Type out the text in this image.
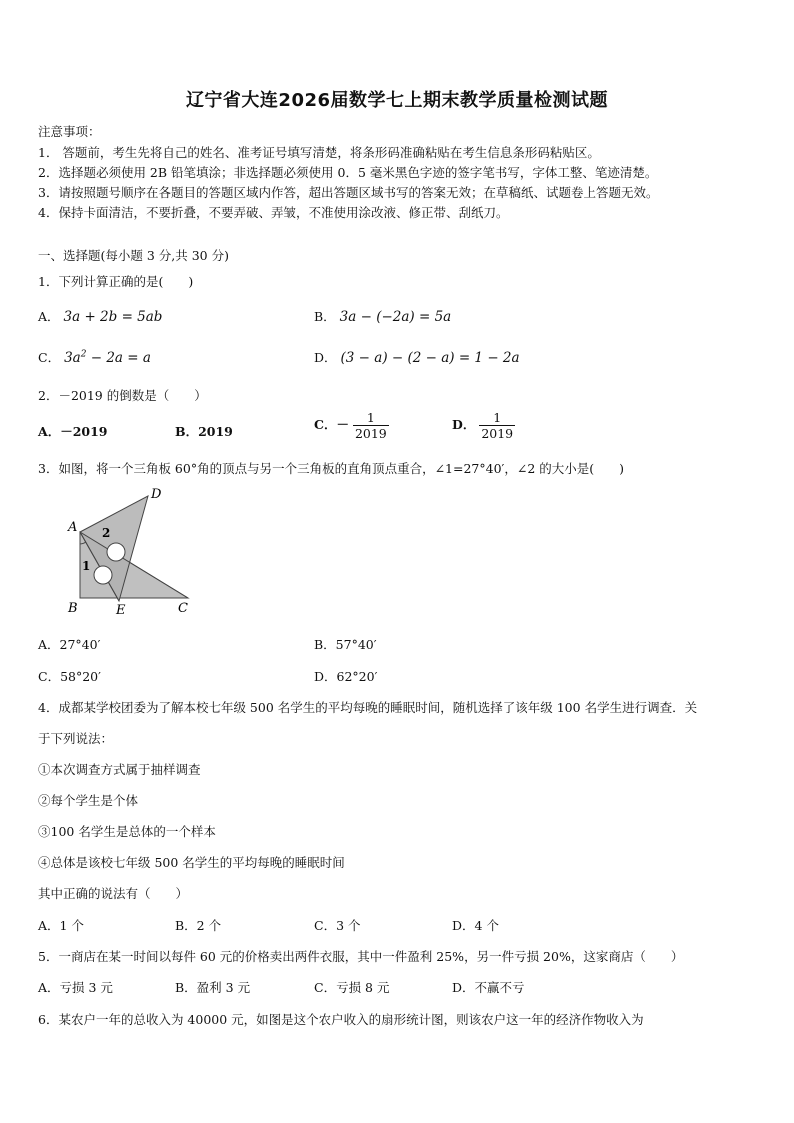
辽宁省大连2026届数学七上期末教学质量检测试题
注意事项：
1． 答题前，考生先将自己的姓名、准考证号填写清楚，将条形码准确粘贴在考生信息条形码粘贴区。
2．选择题必须使用 2B 铅笔填涂；非选择题必须使用 0．5 毫米黑色字迹的签字笔书写，字体工整、笔迹清楚。
3．请按照题号顺序在各题目的答题区域内作答，超出答题区域书写的答案无效；在草稿纸、试题卷上答题无效。
4．保持卡面清洁，不要折叠，不要弄破、弄皱，不准使用涂改液、修正带、刮纸刀。
一、选择题(每小题 3 分,共 30 分)
1．下列计算正确的是(　　)
A． 3a + 2b = 5ab	B． 3a − (−2a) = 5a
C． $3a^2 - 2a = a$	D． (3 − a) − (2 − a) = 1 − 2a
2．－2019 的倒数是（　　）
A．－2019	B．2019	C．－ $\frac{1}{2019}$	D． $\frac{1}{2019}$
3．如图，将一个三角板 60°角的顶点与另一个三角板的直角顶点重合，∠1=27°40′，∠2 的大小是(　　)
A
D
B	E	C
2
1
A．27°40′	B．57°40′
C．58°20′	D．62°20′
4．成都某学校团委为了解本校七年级 500 名学生的平均每晚的睡眠时间，随机选择了该年级 100 名学生进行调查．关
于下列说法：
①本次调查方式属于抽样调查
②每个学生是个体
③100 名学生是总体的一个样本
④总体是该校七年级 500 名学生的平均每晚的睡眠时间
其中正确的说法有（　　）
A．1 个	B．2 个	C．3 个	D．4 个
5．一商店在某一时间以每件 60 元的价格卖出两件衣服，其中一件盈利 25%，另一件亏损 20%，这家商店（　　）
A．亏损 3 元	B．盈利 3 元	C．亏损 8 元	D．不赢不亏
6．某农户一年的总收入为 40000 元，如图是这个农户收入的扇形统计图，则该农户这一年的经济作物收入为
